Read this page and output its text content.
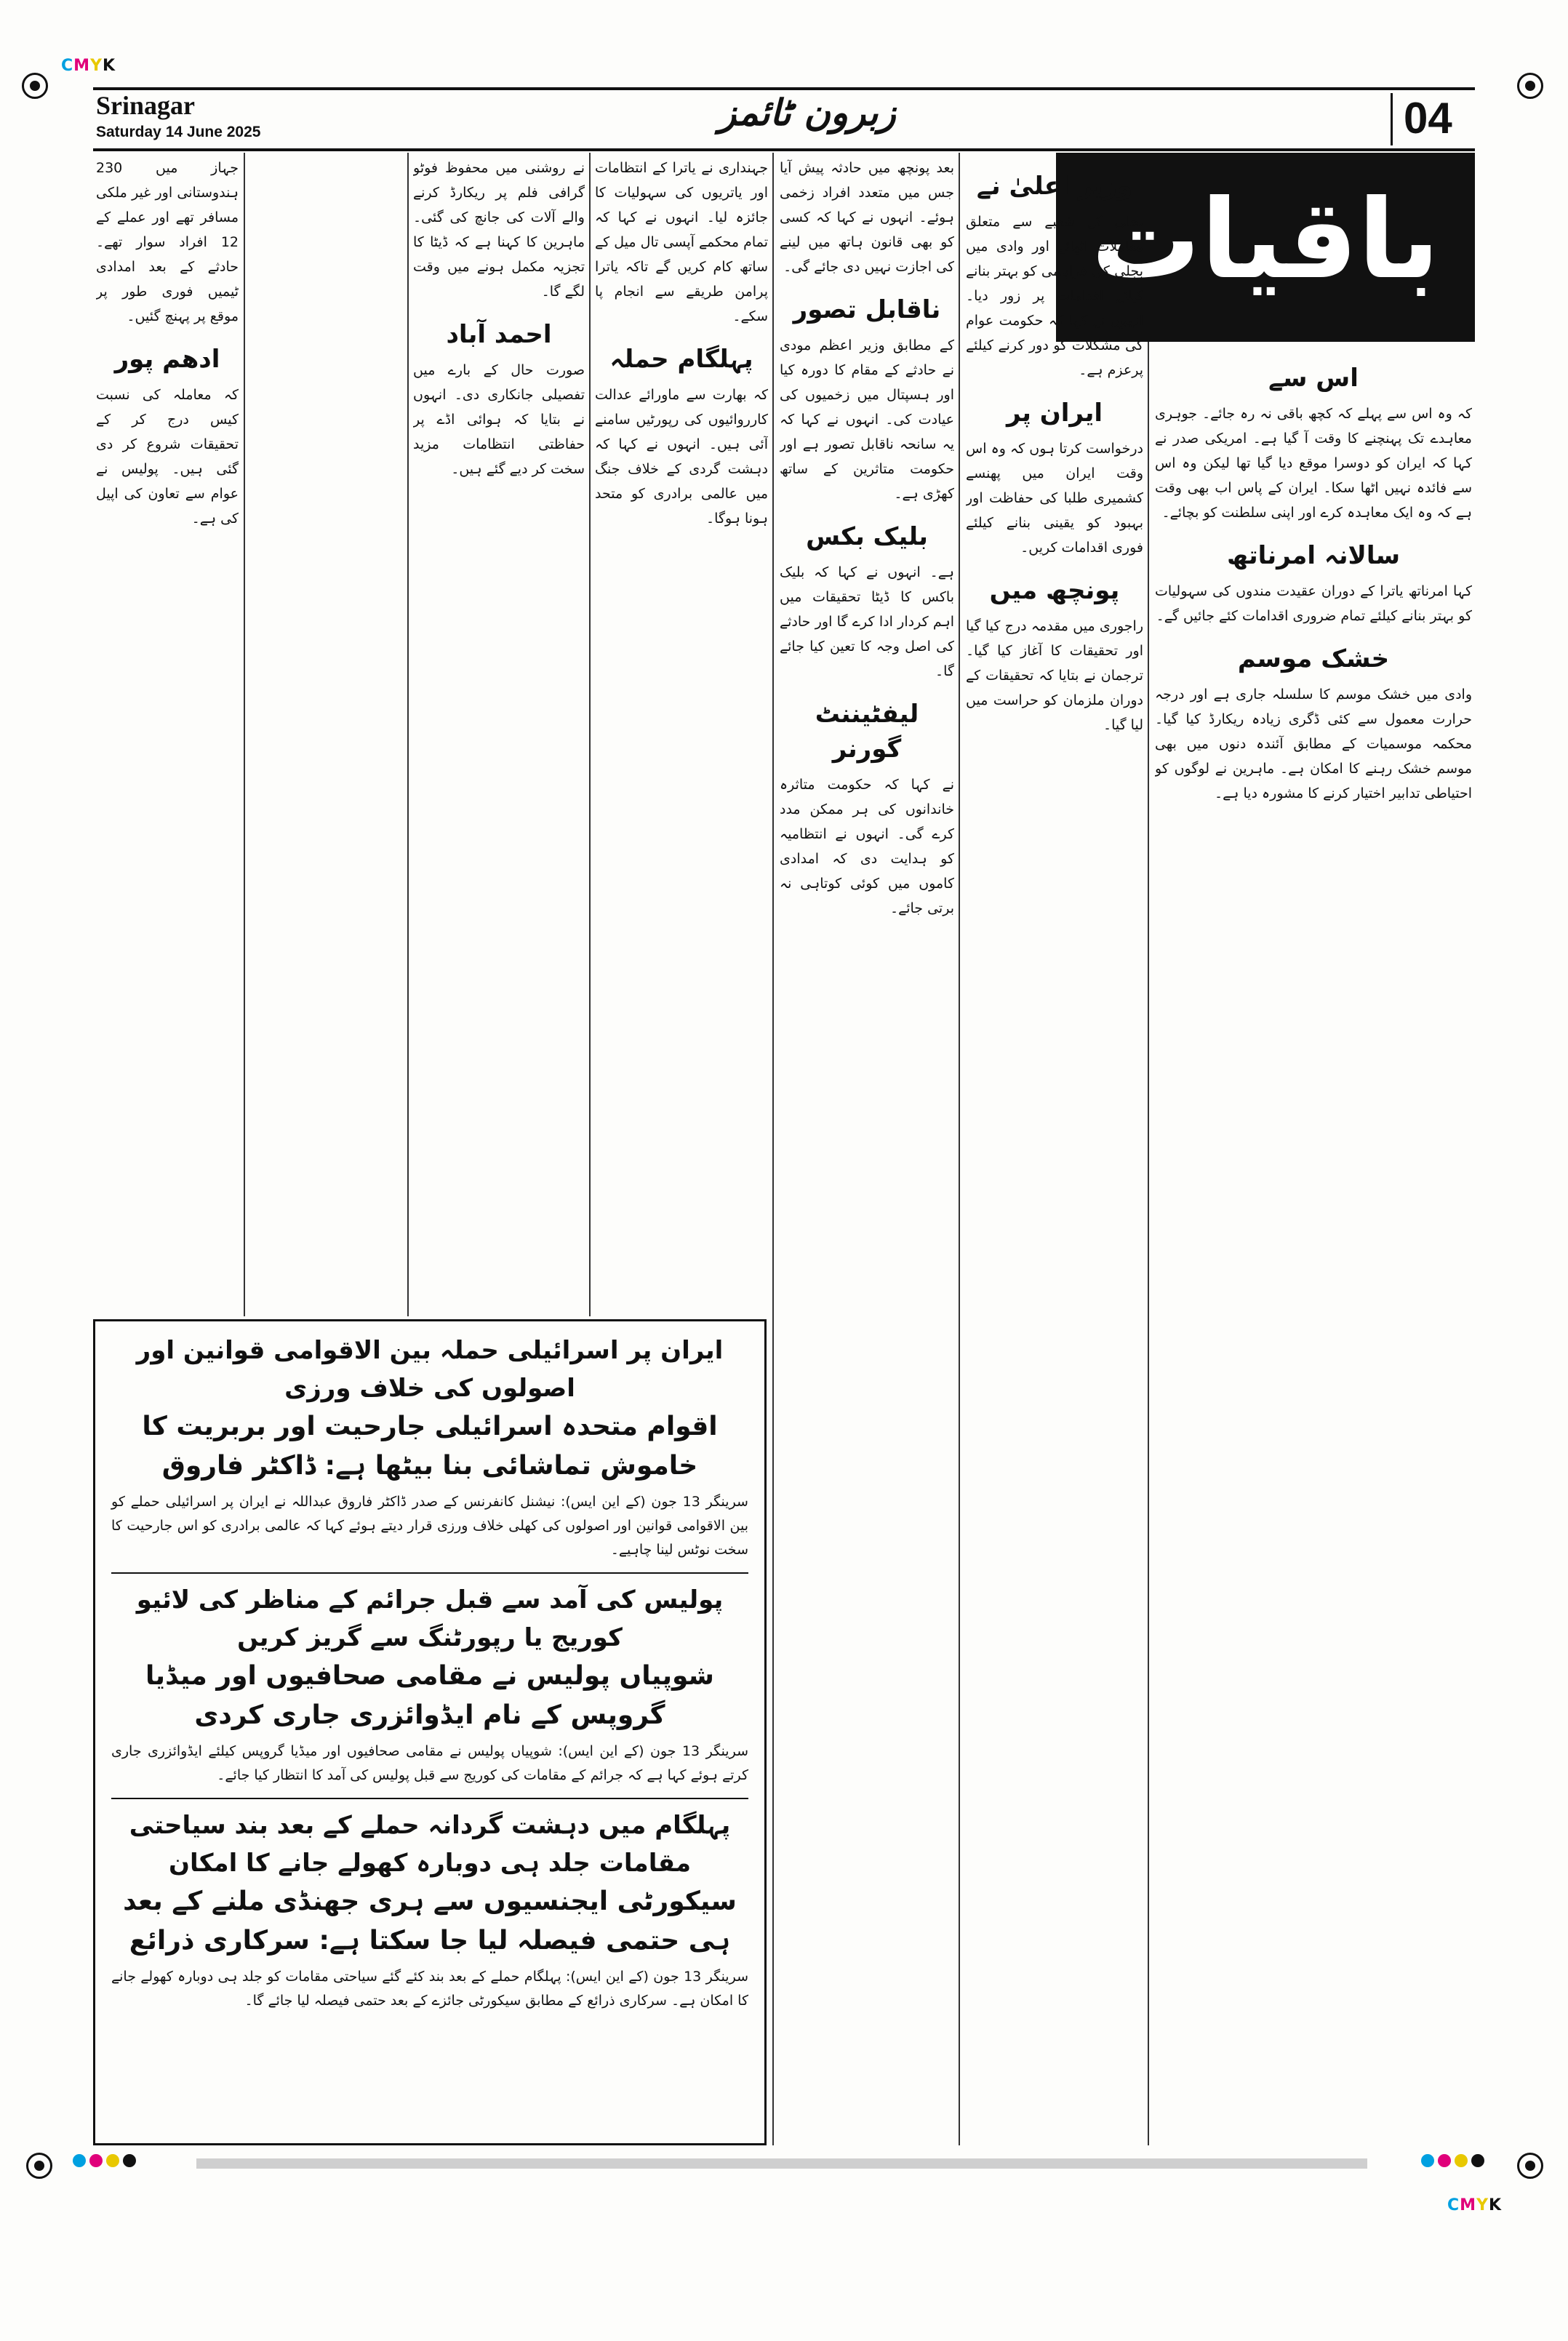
CMYK
CMYK
Srinagar
Saturday 14 June 2025	زبرون ٹائمز	04
باقیات
اس سے

کہ وہ اس سے پہلے کہ کچھ باقی نہ رہ جائے۔ جوہری معاہدے تک پہنچنے کا وقت آ گیا ہے۔ امریکی صدر نے کہا کہ ایران کو دوسرا موقع دیا گیا تھا لیکن وہ اس سے فائدہ نہیں اٹھا سکا۔ ایران کے پاس اب بھی وقت ہے کہ وہ ایک معاہدہ کرے اور اپنی سلطنت کو بچائے۔

سالانہ امرناتھ

کہا امرناتھ یاترا کے دوران عقیدت مندوں کی سہولیات کو بہتر بنانے کیلئے تمام ضروری اقدامات کئے جائیں گے۔

خشک موسم

وادی میں خشک موسم کا سلسلہ جاری ہے اور درجہ حرارت معمول سے کئی ڈگری زیادہ ریکارڈ کیا گیا۔ محکمہ موسمیات کے مطابق آئندہ دنوں میں بھی موسم خشک رہنے کا امکان ہے۔ ماہرین نے لوگوں کو احتیاطی تدابیر اختیار کرنے کا مشورہ دیا ہے۔

وزیر اعلیٰ نے

بجلی کے شعبے سے متعلق معاملات اٹھائے اور وادی میں بجلی کی فراہمی کو بہتر بنانے کیلئے اقدامات پر زور دیا۔ انہوں نے کہا کہ حکومت عوام کی مشکلات کو دور کرنے کیلئے پرعزم ہے۔

ایران پر

درخواست کرتا ہوں کہ وہ اس وقت ایران میں پھنسے کشمیری طلبا کی حفاظت اور بہبود کو یقینی بنانے کیلئے فوری اقدامات کریں۔

پونچھ میں

راجوری میں مقدمہ درج کیا گیا اور تحقیقات کا آغاز کیا گیا۔ ترجمان نے بتایا کہ تحقیقات کے دوران ملزمان کو حراست میں لیا گیا۔

بعد پونچھ میں حادثہ پیش آیا جس میں متعدد افراد زخمی ہوئے۔ انہوں نے کہا کہ کسی کو بھی قانون ہاتھ میں لینے کی اجازت نہیں دی جائے گی۔

ناقابل تصور

کے مطابق وزیر اعظم مودی نے حادثے کے مقام کا دورہ کیا اور ہسپتال میں زخمیوں کی عیادت کی۔ انہوں نے کہا کہ یہ سانحہ ناقابل تصور ہے اور حکومت متاثرین کے ساتھ کھڑی ہے۔

بلیک بکس

ہے۔ انہوں نے کہا کہ بلیک باکس کا ڈیٹا تحقیقات میں اہم کردار ادا کرے گا اور حادثے کی اصل وجہ کا تعین کیا جائے گا۔

لیفٹیننٹ گورنر

نے کہا کہ حکومت متاثرہ خاندانوں کی ہر ممکن مدد کرے گی۔ انہوں نے انتظامیہ کو ہدایت دی کہ امدادی کاموں میں کوئی کوتاہی نہ برتی جائے۔

جہنداری نے یاترا کے انتظامات اور یاتریوں کی سہولیات کا جائزہ لیا۔ انہوں نے کہا کہ تمام محکمے آپسی تال میل کے ساتھ کام کریں گے تاکہ یاترا پرامن طریقے سے انجام پا سکے۔

پہلگام حملہ

کہ بھارت سے ماورائے عدالت کارروائیوں کی رپورٹیں سامنے آئی ہیں۔ انہوں نے کہا کہ دہشت گردی کے خلاف جنگ میں عالمی برادری کو متحد ہونا ہوگا۔

نے روشنی میں محفوظ فوٹو گرافی فلم پر ریکارڈ کرنے والے آلات کی جانچ کی گئی۔ ماہرین کا کہنا ہے کہ ڈیٹا کا تجزیہ مکمل ہونے میں وقت لگے گا۔

احمد آباد

صورت حال کے بارے میں تفصیلی جانکاری دی۔ انہوں نے بتایا کہ ہوائی اڈے پر حفاظتی انتظامات مزید سخت کر دیے گئے ہیں۔

جہاز میں 230 ہندوستانی اور غیر ملکی مسافر تھے اور عملے کے 12 افراد سوار تھے۔ حادثے کے بعد امدادی ٹیمیں فوری طور پر موقع پر پہنچ گئیں۔

ادھم پور

کہ معاملہ کی نسبت کیس درج کر کے تحقیقات شروع کر دی گئی ہیں۔ پولیس نے عوام سے تعاون کی اپیل کی ہے۔

ایران پر اسرائیلی حملہ بین الاقوامی قوانین اور اصولوں کی خلاف ورزی
اقوام متحدہ اسرائیلی جارحیت اور بربریت کا خاموش تماشائی بنا بیٹھا ہے: ڈاکٹر فاروق
سرینگر 13 جون (کے این ایس): نیشنل کانفرنس کے صدر ڈاکٹر فاروق عبداللہ نے ایران پر اسرائیلی حملے کو بین الاقوامی قوانین اور اصولوں کی کھلی خلاف ورزی قرار دیتے ہوئے کہا کہ عالمی برادری کو اس جارحیت کا سخت نوٹس لینا چاہیے۔
پولیس کی آمد سے قبل جرائم کے مناظر کی لائیو کوریج یا رپورٹنگ سے گریز کریں
شوپیاں پولیس نے مقامی صحافیوں اور میڈیا گروپس کے نام ایڈوائزری جاری کردی
سرینگر 13 جون (کے این ایس): شوپیاں پولیس نے مقامی صحافیوں اور میڈیا گروپس کیلئے ایڈوائزری جاری کرتے ہوئے کہا ہے کہ جرائم کے مقامات کی کوریج سے قبل پولیس کی آمد کا انتظار کیا جائے۔
پہلگام میں دہشت گردانہ حملے کے بعد بند سیاحتی مقامات جلد ہی دوبارہ کھولے جانے کا امکان
سیکورٹی ایجنسیوں سے ہری جھنڈی ملنے کے بعد ہی حتمی فیصلہ لیا جا سکتا ہے: سرکاری ذرائع
سرینگر 13 جون (کے این ایس): پہلگام حملے کے بعد بند کئے گئے سیاحتی مقامات کو جلد ہی دوبارہ کھولے جانے کا امکان ہے۔ سرکاری ذرائع کے مطابق سیکورٹی جائزے کے بعد حتمی فیصلہ لیا جائے گا۔
